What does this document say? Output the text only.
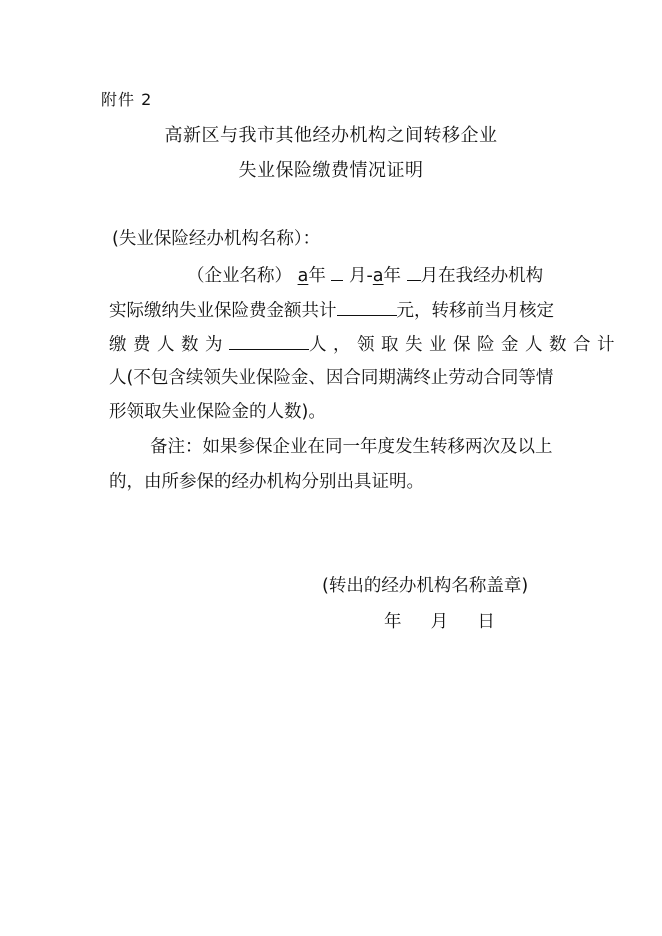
附件 2
高新区与我市其他经办机构之间转移企业
失业保险缴费情况证明
(失业保险经办机构名称）：
（企业名称） a年 月-a年 月在我经办机构
实际缴纳失业保险费金额共计	元，转移前当月核定
缴费人数为	人，领取失业保险金人数合计
人(不包含续领失业保险金、因合同期满终止劳动合同等情
形领取失业保险金的人数)。
备注：如果参保企业在同一年度发生转移两次及以上
的，由所参保的经办机构分别出具证明。
(转出的经办机构名称盖章)
年 月 日
